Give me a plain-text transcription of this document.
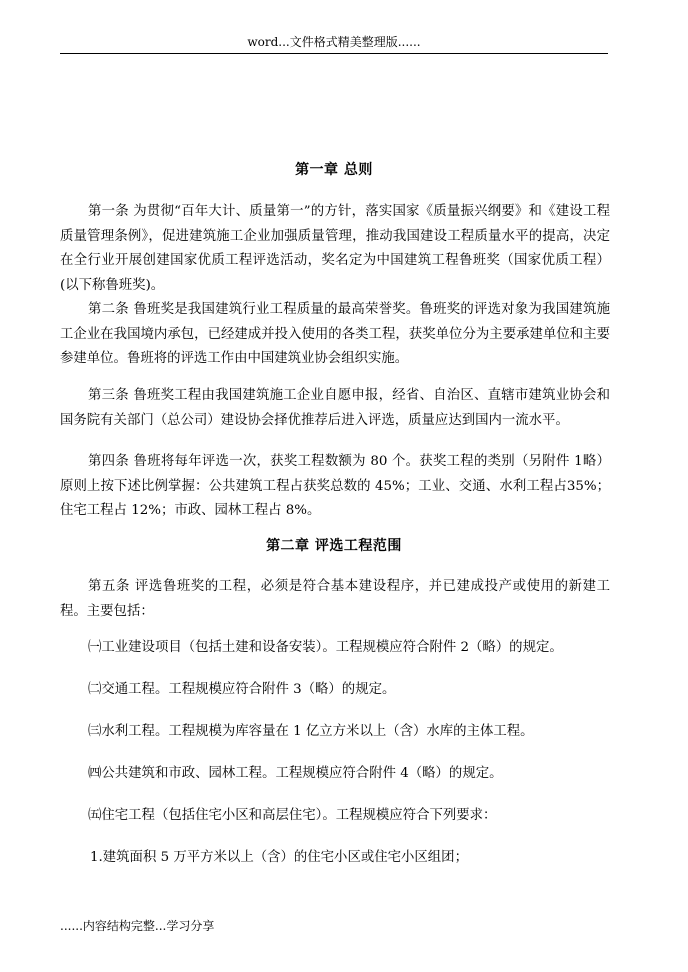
word...文件格式精美整理版......
第一章 总则
第一条 为贯彻“百年大计、质量第一”的方针，落实国家《质量振兴纲要》和《建设工程质量管理条例》，促进建筑施工企业加强质量管理，推动我国建设工程质量水平的提高，决定在全行业开展创建国家优质工程评选活动，奖名定为中国建筑工程鲁班奖（国家优质工程）(以下称鲁班奖)。
第二条 鲁班奖是我国建筑行业工程质量的最高荣誉奖。鲁班奖的评选对象为我国建筑施工企业在我国境内承包，已经建成并投入使用的各类工程，获奖单位分为主要承建单位和主要参建单位。鲁班将的评选工作由中国建筑业协会组织实施。
第三条 鲁班奖工程由我国建筑施工企业自愿申报，经省、自治区、直辖市建筑业协会和国务院有关部门（总公司）建设协会择优推荐后进入评选，质量应达到国内一流水平。
第四条 鲁班将每年评选一次，获奖工程数额为 80 个。获奖工程的类别（另附件 1略）原则上按下述比例掌握：公共建筑工程占获奖总数的 45%；工业、交通、水利工程占35%；住宅工程占 12%；市政、园林工程占 8%。
第二章 评选工程范围
第五条 评选鲁班奖的工程，必须是符合基本建设程序，并已建成投产或使用的新建工程。主要包括：
㈠工业建设项目（包括土建和设备安装）。工程规模应符合附件 2（略）的规定。
㈡交通工程。工程规模应符合附件 3（略）的规定。
㈢水利工程。工程规模为库容量在 1 亿立方米以上（含）水库的主体工程。
㈣公共建筑和市政、园林工程。工程规模应符合附件 4（略）的规定。
㈤住宅工程（包括住宅小区和高层住宅）。工程规模应符合下列要求：
1.建筑面积 5 万平方米以上（含）的住宅小区或住宅小区组团；
......内容结构完整...学习分享
